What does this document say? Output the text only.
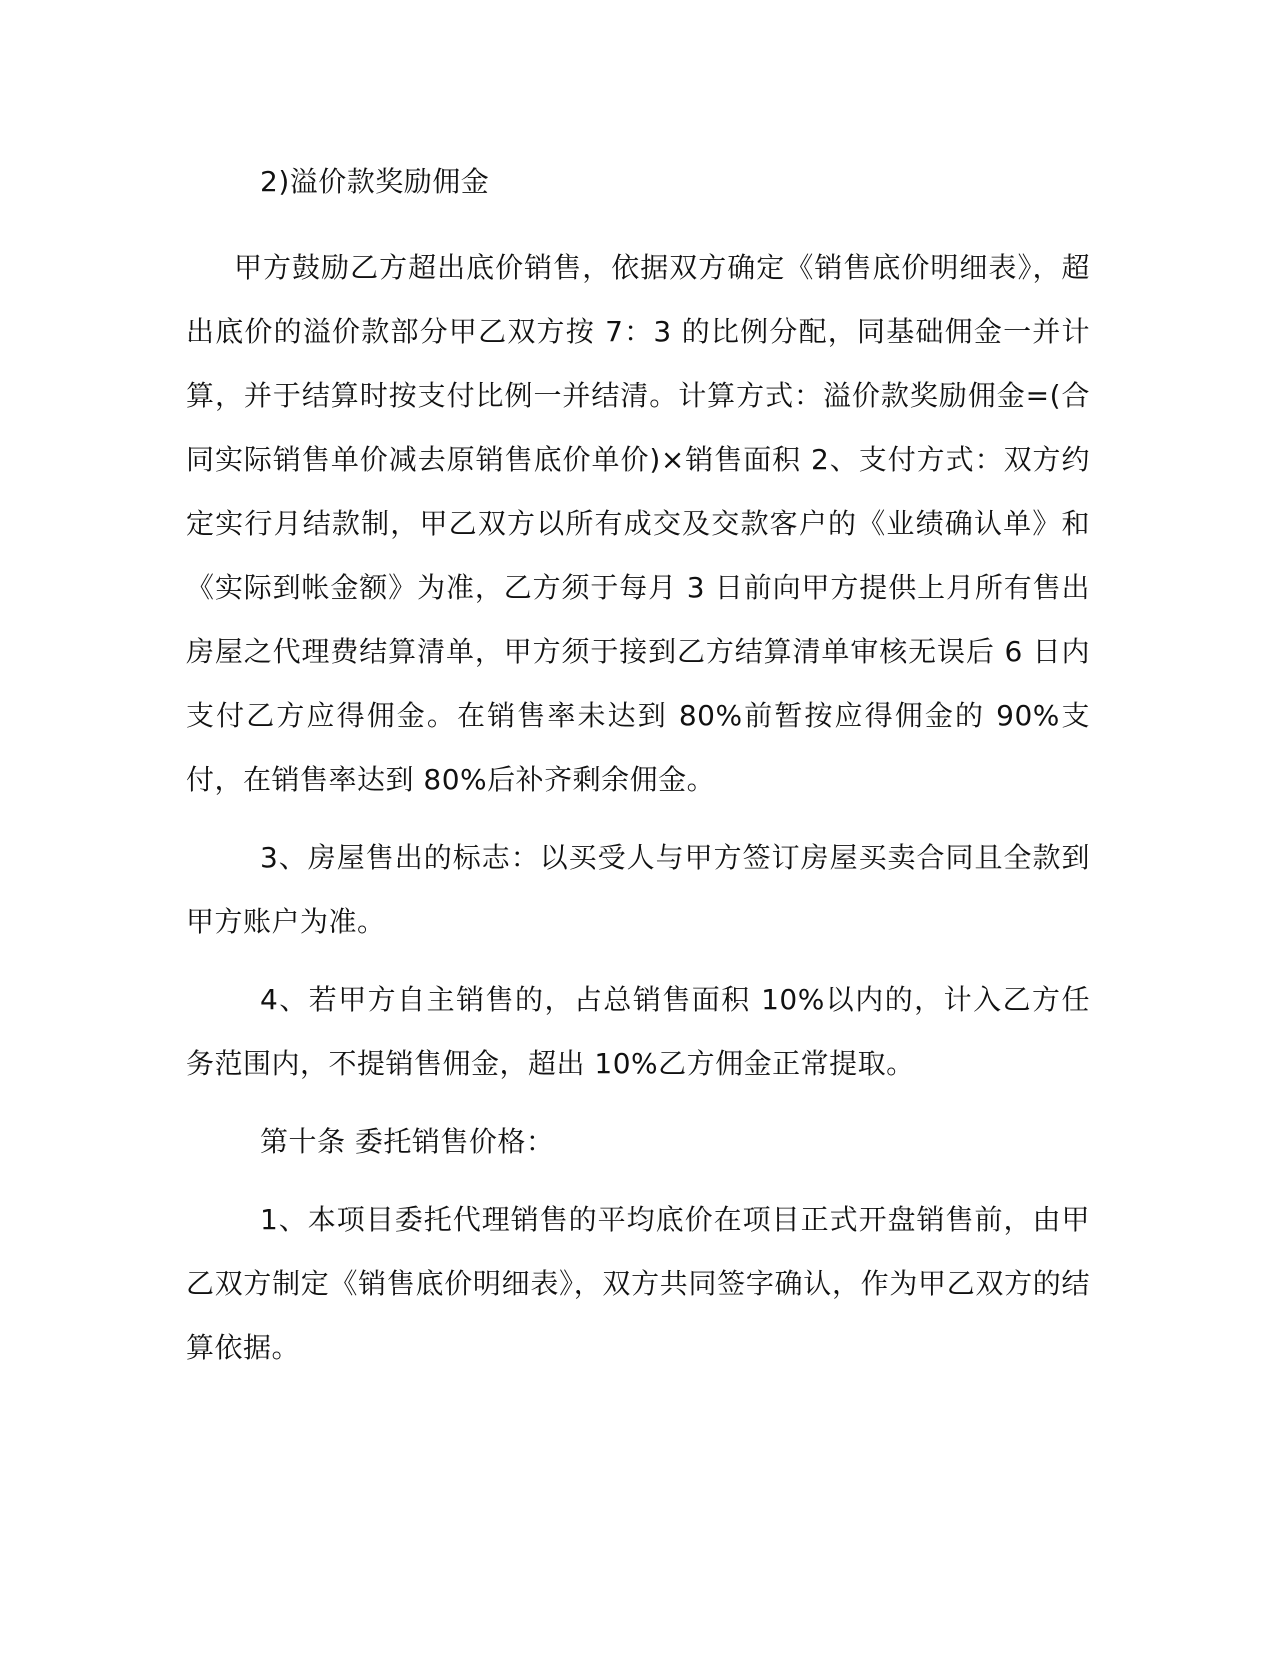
2)溢价款奖励佣金

甲方鼓励乙方超出底价销售，依据双方确定《销售底价明细表》，超出底价的溢价款部分甲乙双方按 7：3 的比例分配，同基础佣金一并计算，并于结算时按支付比例一并结清。计算方式：溢价款奖励佣金=(合同实际销售单价减去原销售底价单价)×销售面积 2、支付方式：双方约定实行月结款制，甲乙双方以所有成交及交款客户的《业绩确认单》和《实际到帐金额》为准，乙方须于每月 3 日前向甲方提供上月所有售出房屋之代理费结算清单，甲方须于接到乙方结算清单审核无误后 6 日内支付乙方应得佣金。在销售率未达到 80%前暂按应得佣金的 90%支付，在销售率达到 80%后补齐剩余佣金。

3、房屋售出的标志：以买受人与甲方签订房屋买卖合同且全款到甲方账户为准。

4、若甲方自主销售的，占总销售面积 10%以内的，计入乙方任务范围内，不提销售佣金，超出 10%乙方佣金正常提取。

第十条 委托销售价格：

1、本项目委托代理销售的平均底价在项目正式开盘销售前，由甲乙双方制定《销售底价明细表》，双方共同签字确认，作为甲乙双方的结算依据。
